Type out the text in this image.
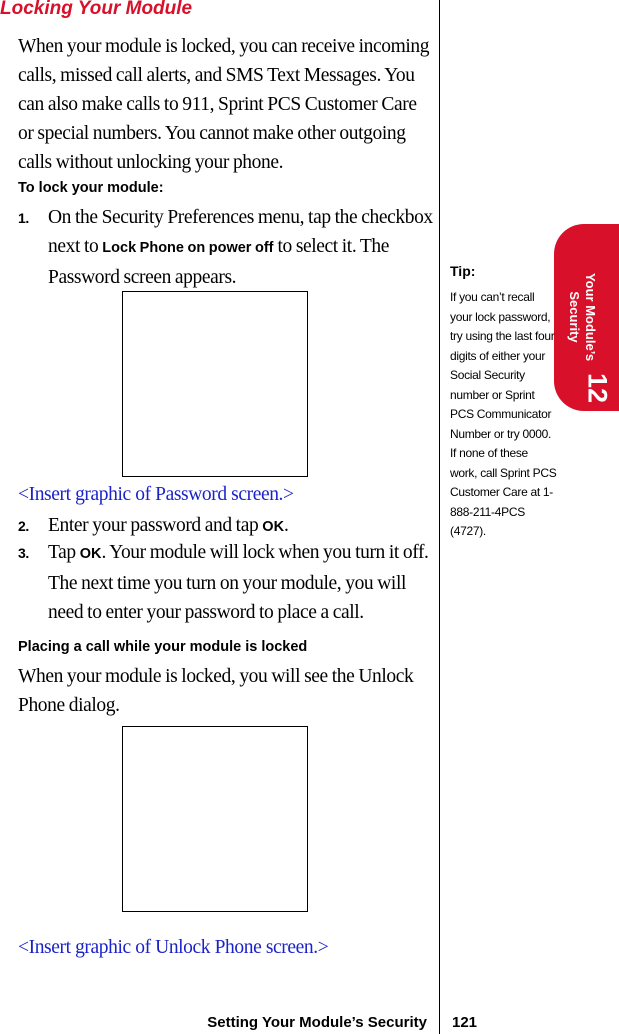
Locking Your Module
When your module is locked, you can receive incoming calls, missed call alerts, and SMS Text Messages. You can also make calls to 911, Sprint PCS Customer Care or special numbers. You cannot make other outgoing calls without unlocking your phone.
To lock your module:
1. On the Security Preferences menu, tap the checkbox next to Lock Phone on power off to select it. The Password screen appears.
<Insert graphic of Password screen.>
2. Enter your password and tap OK.
3. Tap OK. Your module will lock when you turn it off. The next time you turn on your module, you will need to enter your password to place a call.
Placing a call while your module is locked
When your module is locked, you will see the Unlock Phone dialog.
<Insert graphic of Unlock Phone screen.>
Your Module’s
Security
12
Tip:
If you can’t recall your lock password, try using the last four digits of either your Social Security number or Sprint PCS Communicator Number or try 0000. If none of these work, call Sprint PCS Customer Care at 1-888-211-4PCS (4727).
Setting Your Module’s Security 121
